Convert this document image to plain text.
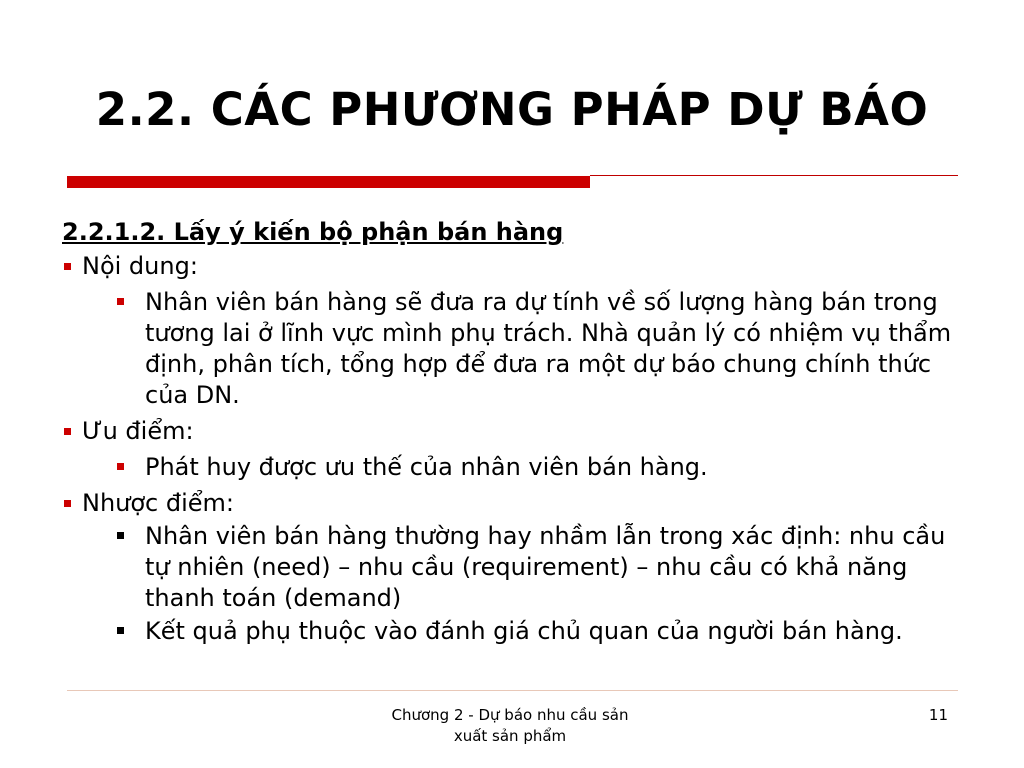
2.2. CÁC PHƯƠNG PHÁP DỰ BÁO
2.2.1.2. Lấy ý kiến bộ phận bán hàng
Nội dung:
Nhân viên bán hàng sẽ đưa ra dự tính về số lượng hàng bán trong tương lai ở lĩnh vực mình phụ trách. Nhà quản lý có nhiệm vụ thẩm định, phân tích, tổng hợp để đưa ra một dự báo chung chính thức của DN.
Ưu điểm:
Phát huy được ưu thế của nhân viên bán hàng.
Nhược điểm:
Nhân viên bán hàng thường hay nhầm lẫn trong xác định: nhu cầu tự nhiên (need) – nhu cầu (requirement) – nhu cầu có khả năng thanh toán (demand)
Kết quả phụ thuộc vào đánh giá chủ quan của người bán hàng.
Chương 2 - Dự báo nhu cầu sản
xuất sản phẩm
11
